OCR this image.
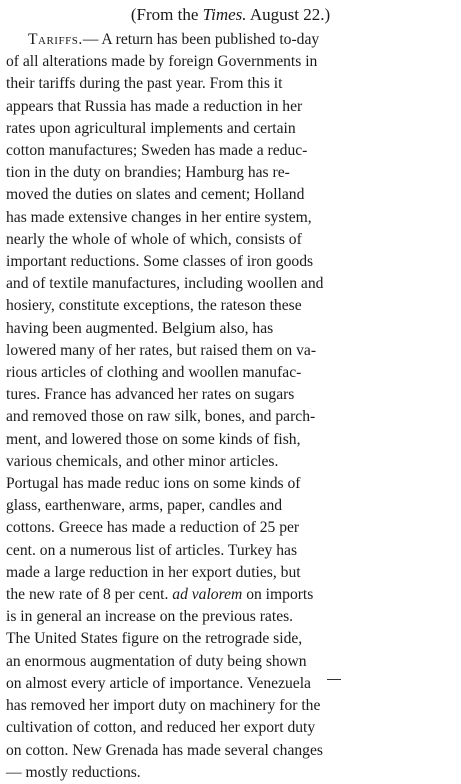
(From the Times. August 22.)
Tariffs.— A return has been published to-day
of all alterations made by foreign Governments in
their tariffs during the past year. From this it
appears that Russia has made a reduction in her
rates upon agricultural implements and certain
cotton manufactures; Sweden has made a reduc-
tion in the duty on brandies; Hamburg has re-
moved the duties on slates and cement; Holland
has made extensive changes in her entire system,
nearly the whole of whole of which, consists of
important reductions. Some classes of iron goods
and of textile manufactures, including woollen and
hosiery, constitute exceptions, the rateson these
having been augmented. Belgium also, has
lowered many of her rates, but raised them on va-
rious articles of clothing and woollen manufac-
tures. France has advanced her rates on sugars
and removed those on raw silk, bones, and parch-
ment, and lowered those on some kinds of fish,
various chemicals, and other minor articles.
Portugal has made reduc ions on some kinds of
glass, earthenware, arms, paper, candles and
cottons. Greece has made a reduction of 25 per
cent. on a numerous list of articles. Turkey has
made a large reduction in her export duties, but
the new rate of 8 per cent. ad valorem on imports
is in general an increase on the previous rates.
The United States figure on the retrograde side,
an enormous augmentation of duty being shown
on almost every article of importance. Venezuela
has removed her import duty on machinery for the
cultivation of cotton, and reduced her export duty
on cotton. New Grenada has made several changes
— mostly reductions.
